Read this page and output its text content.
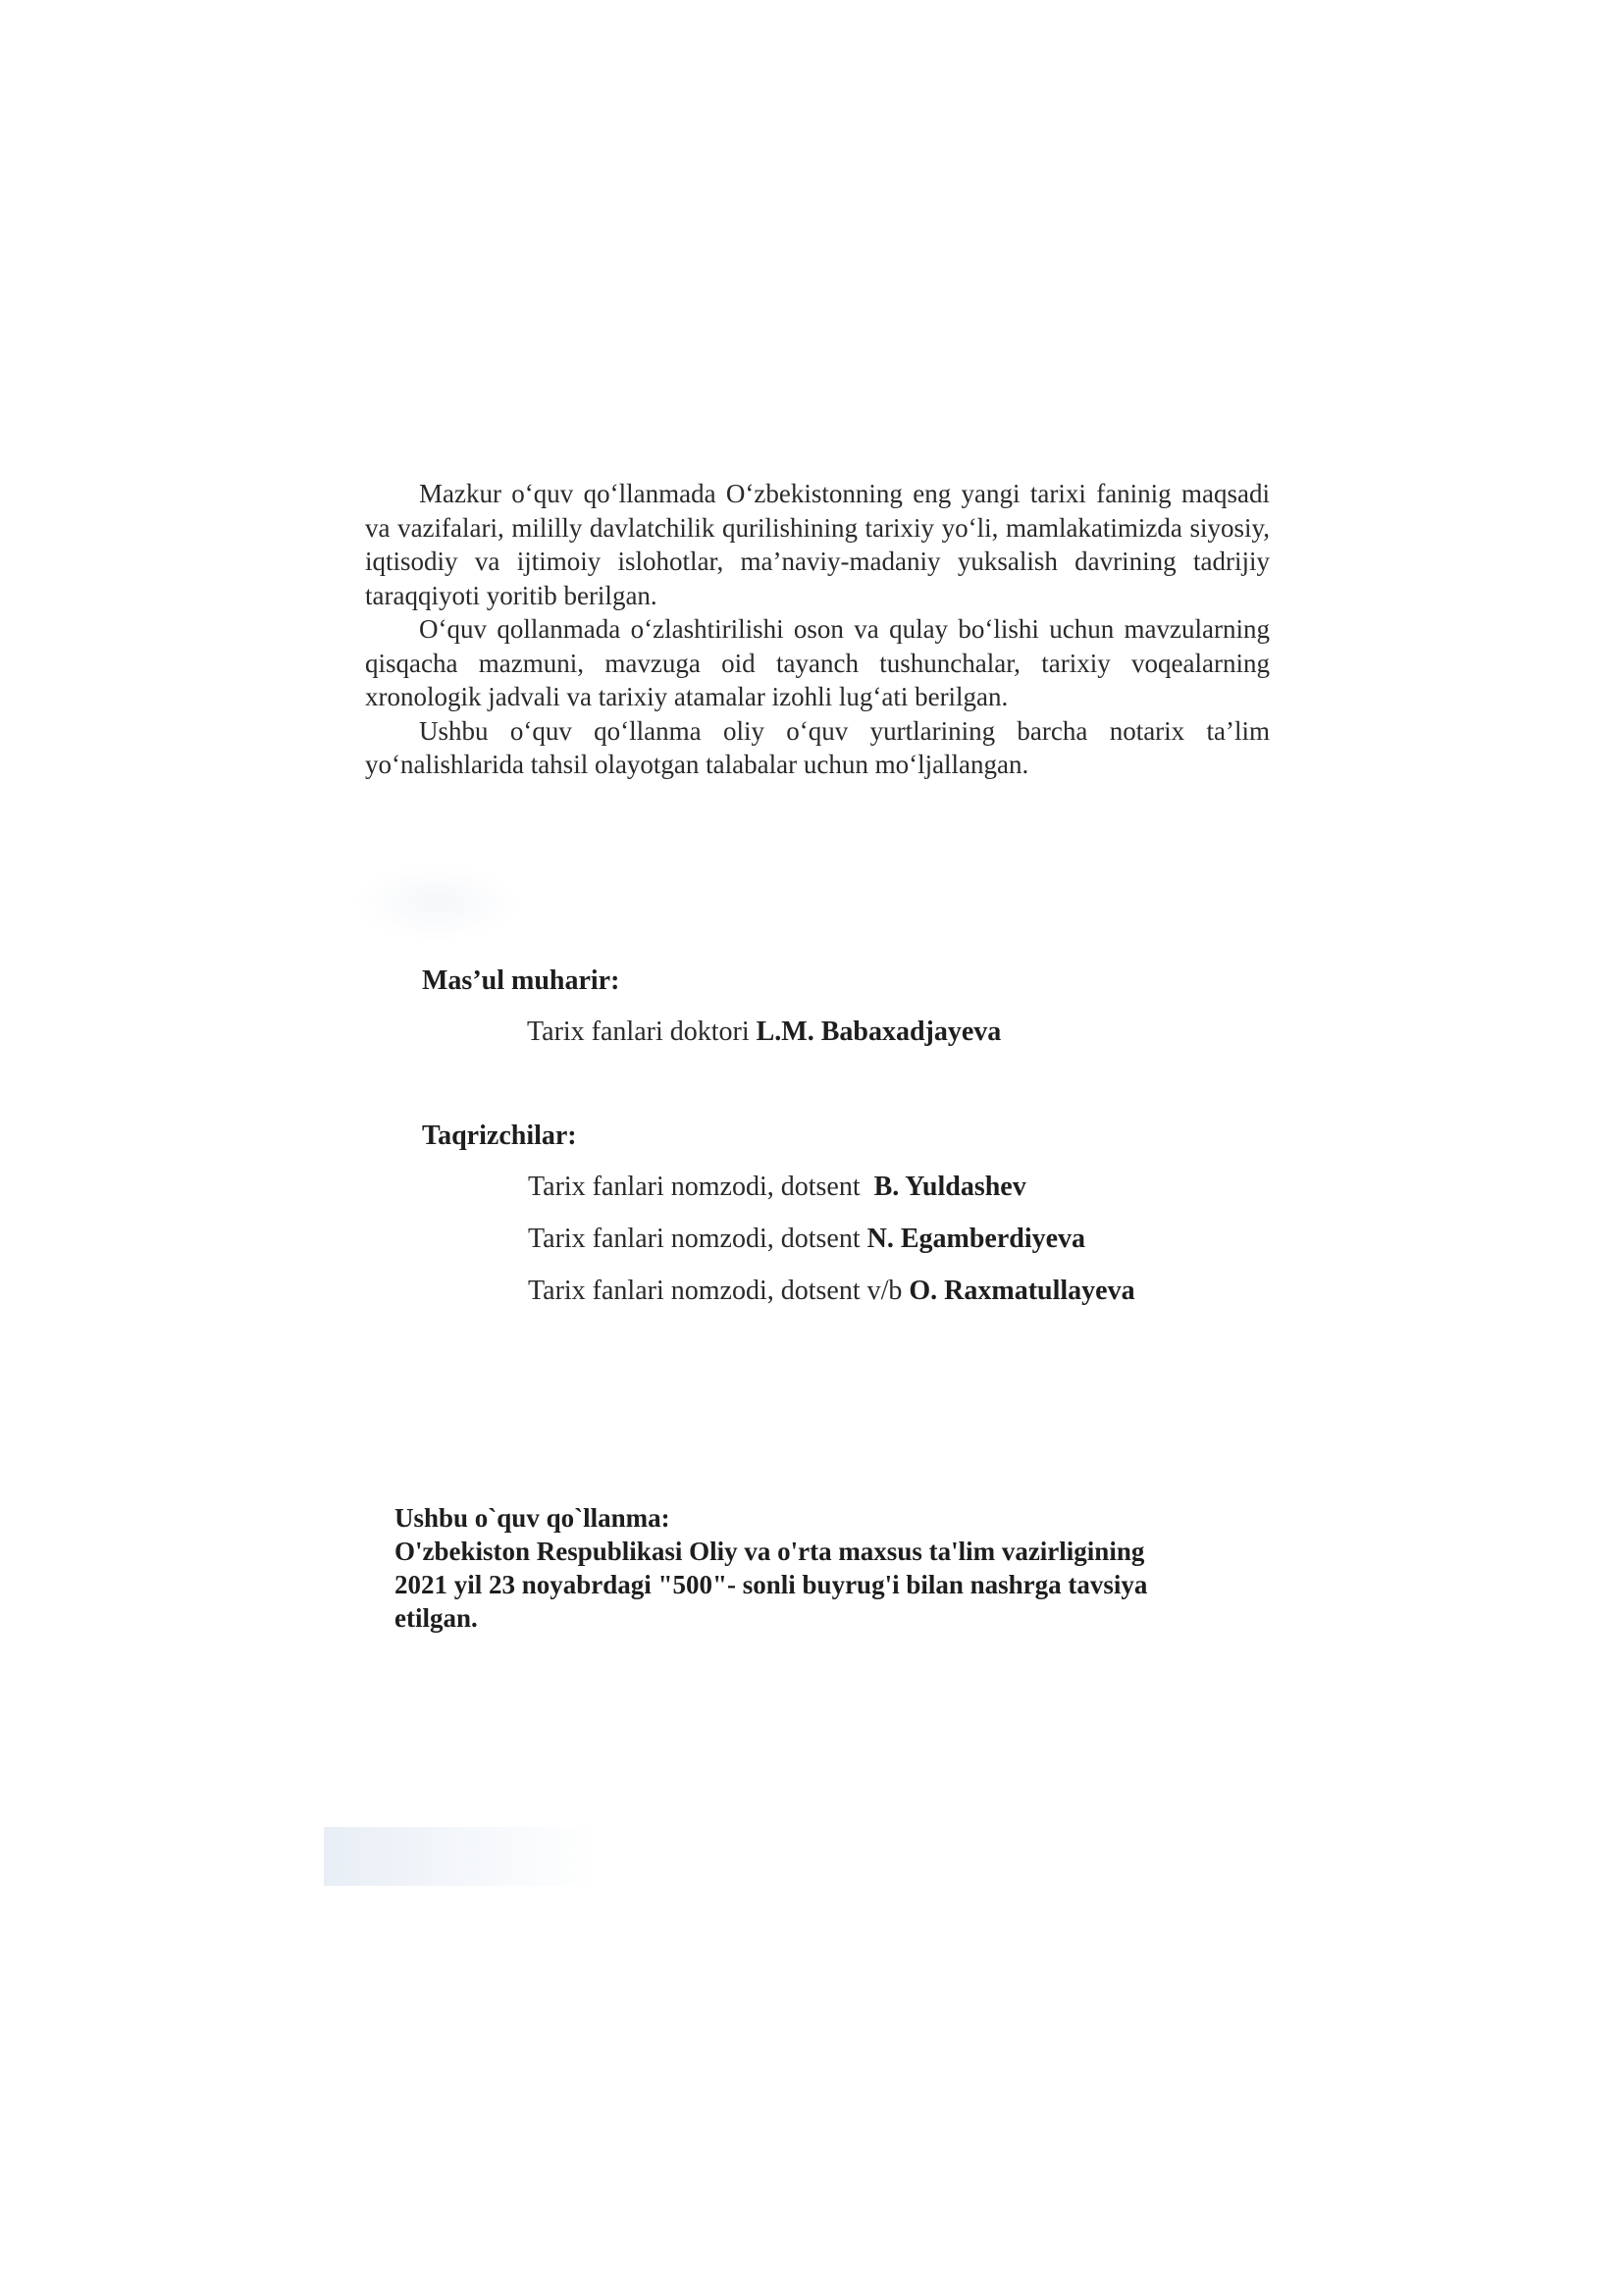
Mazkur o‘quv qo‘llanmada O‘zbekistonning eng yangi tarixi faninig maqsadi va vazifalari, mililly davlatchilik qurilishining tarixiy yo‘li, mamlakatimizda siyosiy, iqtisodiy va ijtimoiy islohotlar, ma’naviy-madaniy yuksalish davrining tadrijiy taraqqiyoti yoritib berilgan.

O‘quv qollanmada o‘zlashtirilishi oson va qulay bo‘lishi uchun mavzularning qisqacha mazmuni, mavzuga oid tayanch tushunchalar, tarixiy voqealarning xronologik jadvali va tarixiy atamalar izohli lug‘ati berilgan.

Ushbu o‘quv qo‘llanma oliy o‘quv yurtlarining barcha notarix ta’lim yo‘nalishlarida tahsil olayotgan talabalar uchun mo‘ljallangan.

Mas’ul muharir:
Tarix fanlari doktori L.M. Babaxadjayeva
Taqrizchilar:
Tarix fanlari nomzodi, dotsent B. Yuldashev
Tarix fanlari nomzodi, dotsent N. Egamberdiyeva
Tarix fanlari nomzodi, dotsent v/b O. Raxmatullayeva
Ushbu o`quv qo`llanma:
O'zbekiston Respublikasi Oliy va o'rta maxsus ta'lim vazirligining
2021 yil 23 noyabrdagi "500"- sonli buyrug'i bilan nashrga tavsiya
etilgan.
